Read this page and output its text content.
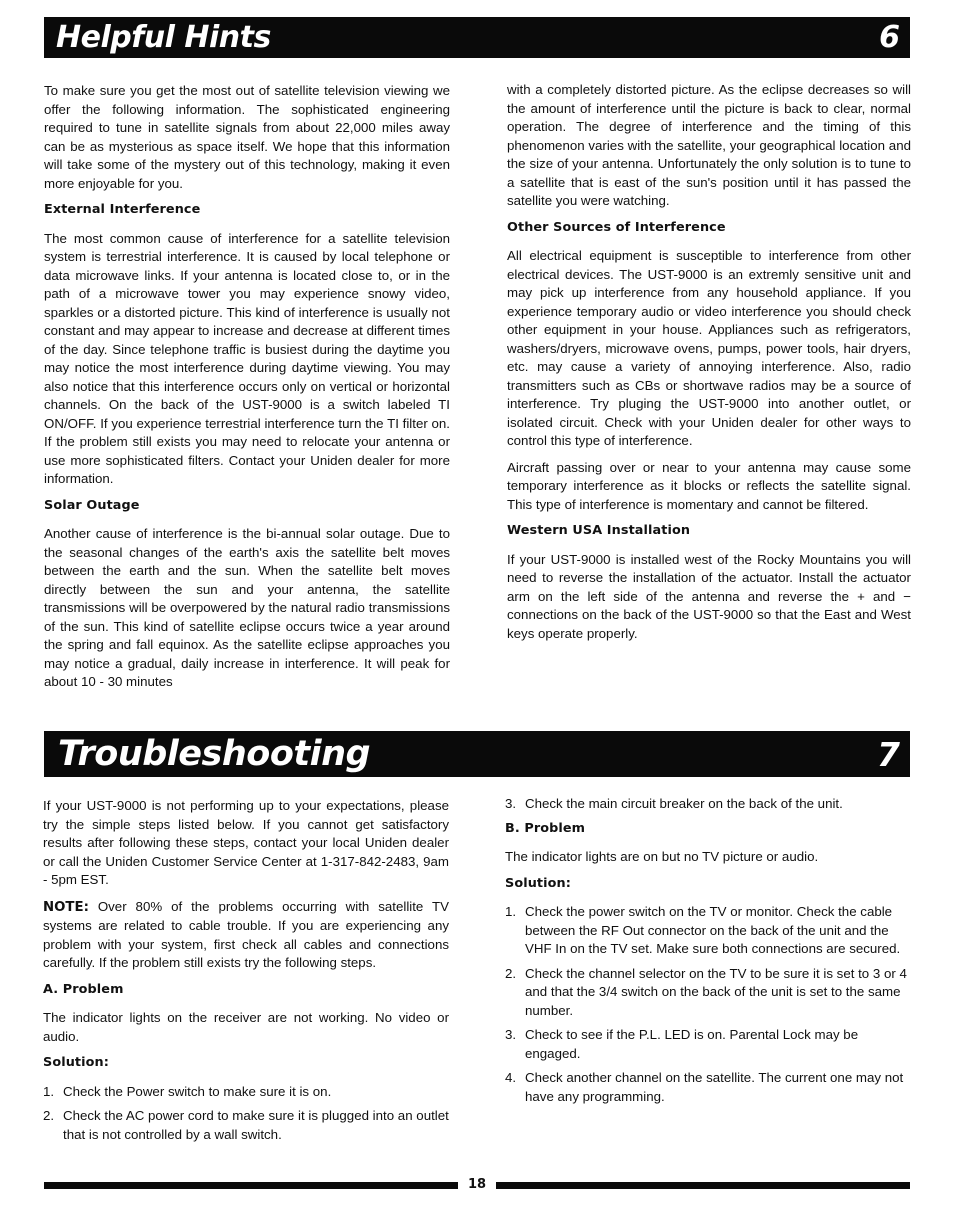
Helpful Hints	6

To make sure you get the most out of satellite television viewing we offer the following information. The sophisticated engineering required to tune in satellite signals from about 22,000 miles away can be as mysterious as space itself. We hope that this information will take some of the mystery out of this technology, making it even more enjoyable for you.

External Interference

The most common cause of interference for a satellite television system is terrestrial interference. It is caused by local telephone or data microwave links. If your antenna is located close to, or in the path of a microwave tower you may experience snowy video, sparkles or a distorted picture. This kind of interference is usually not constant and may appear to increase and decrease at different times of the day. Since telephone traffic is busiest during the daytime you may notice the most interference during daytime viewing. You may also notice that this interference occurs only on vertical or horizontal channels. On the back of the UST-9000 is a switch labeled TI ON/OFF. If you experience terrestrial interference turn the TI filter on. If the problem still exists you may need to relocate your antenna or use more sophisticated filters. Contact your Uniden dealer for more information.

Solar Outage

Another cause of interference is the bi-annual solar outage. Due to the seasonal changes of the earth's axis the satellite belt moves between the earth and the sun. When the satellite belt moves directly between the sun and your antenna, the satellite transmissions will be overpowered by the natural radio transmissions of the sun. This kind of satellite eclipse occurs twice a year around the spring and fall equinox. As the satellite eclipse approaches you may notice a gradual, daily increase in interference. It will peak for about 10 - 30 minutes

with a completely distorted picture. As the eclipse decreases so will the amount of interference until the picture is back to clear, normal operation. The degree of interference and the timing of this phenomenon varies with the satellite, your geographical location and the size of your antenna. Unfortunately the only solution is to tune to a satellite that is east of the sun's position until it has passed the satellite you were watching.

Other Sources of Interference

All electrical equipment is susceptible to interference from other electrical devices. The UST-9000 is an extremly sensitive unit and may pick up interference from any household appliance. If you experience temporary audio or video interference you should check other equipment in your house. Appliances such as refrigerators, washers/dryers, microwave ovens, pumps, power tools, hair dryers, etc. may cause a variety of annoying interference. Also, radio transmitters such as CBs or shortwave radios may be a source of interference. Try pluging the UST-9000 into another outlet, or isolated circuit. Check with your Uniden dealer for other ways to control this type of interference.

Aircraft passing over or near to your antenna may cause some temporary interference as it blocks or reflects the satellite signal. This type of interference is momentary and cannot be filtered.

Western USA Installation

If your UST-9000 is installed west of the Rocky Mountains you will need to reverse the installation of the actuator. Install the actuator arm on the left side of the antenna and reverse the + and − connections on the back of the UST-9000 so that the East and West keys operate properly.

Troubleshooting	7

If your UST-9000 is not performing up to your expectations, please try the simple steps listed below. If you cannot get satisfactory results after following these steps, contact your local Uniden dealer or call the Uniden Customer Service Center at 1-317-842-2483, 9am - 5pm EST.

NOTE: Over 80% of the problems occurring with satellite TV systems are related to cable trouble. If you are experiencing any problem with your system, first check all cables and connections carefully. If the problem still exists try the following steps.

A. Problem

The indicator lights on the receiver are not working. No video or audio.

Solution:
1. Check the Power switch to make sure it is on.
2. Check the AC power cord to make sure it is plugged into an outlet that is not controlled by a wall switch.
3. Check the main circuit breaker on the back of the unit.
B. Problem

The indicator lights are on but no TV picture or audio.

Solution:
1. Check the power switch on the TV or monitor. Check the cable between the RF Out connector on the back of the unit and the VHF In on the TV set. Make sure both connections are secured.
2. Check the channel selector on the TV to be sure it is set to 3 or 4 and that the 3/4 switch on the back of the unit is set to the same number.
3. Check to see if the P.L. LED is on. Parental Lock may be engaged.
4. Check another channel on the satellite. The current one may not have any programming.
18
